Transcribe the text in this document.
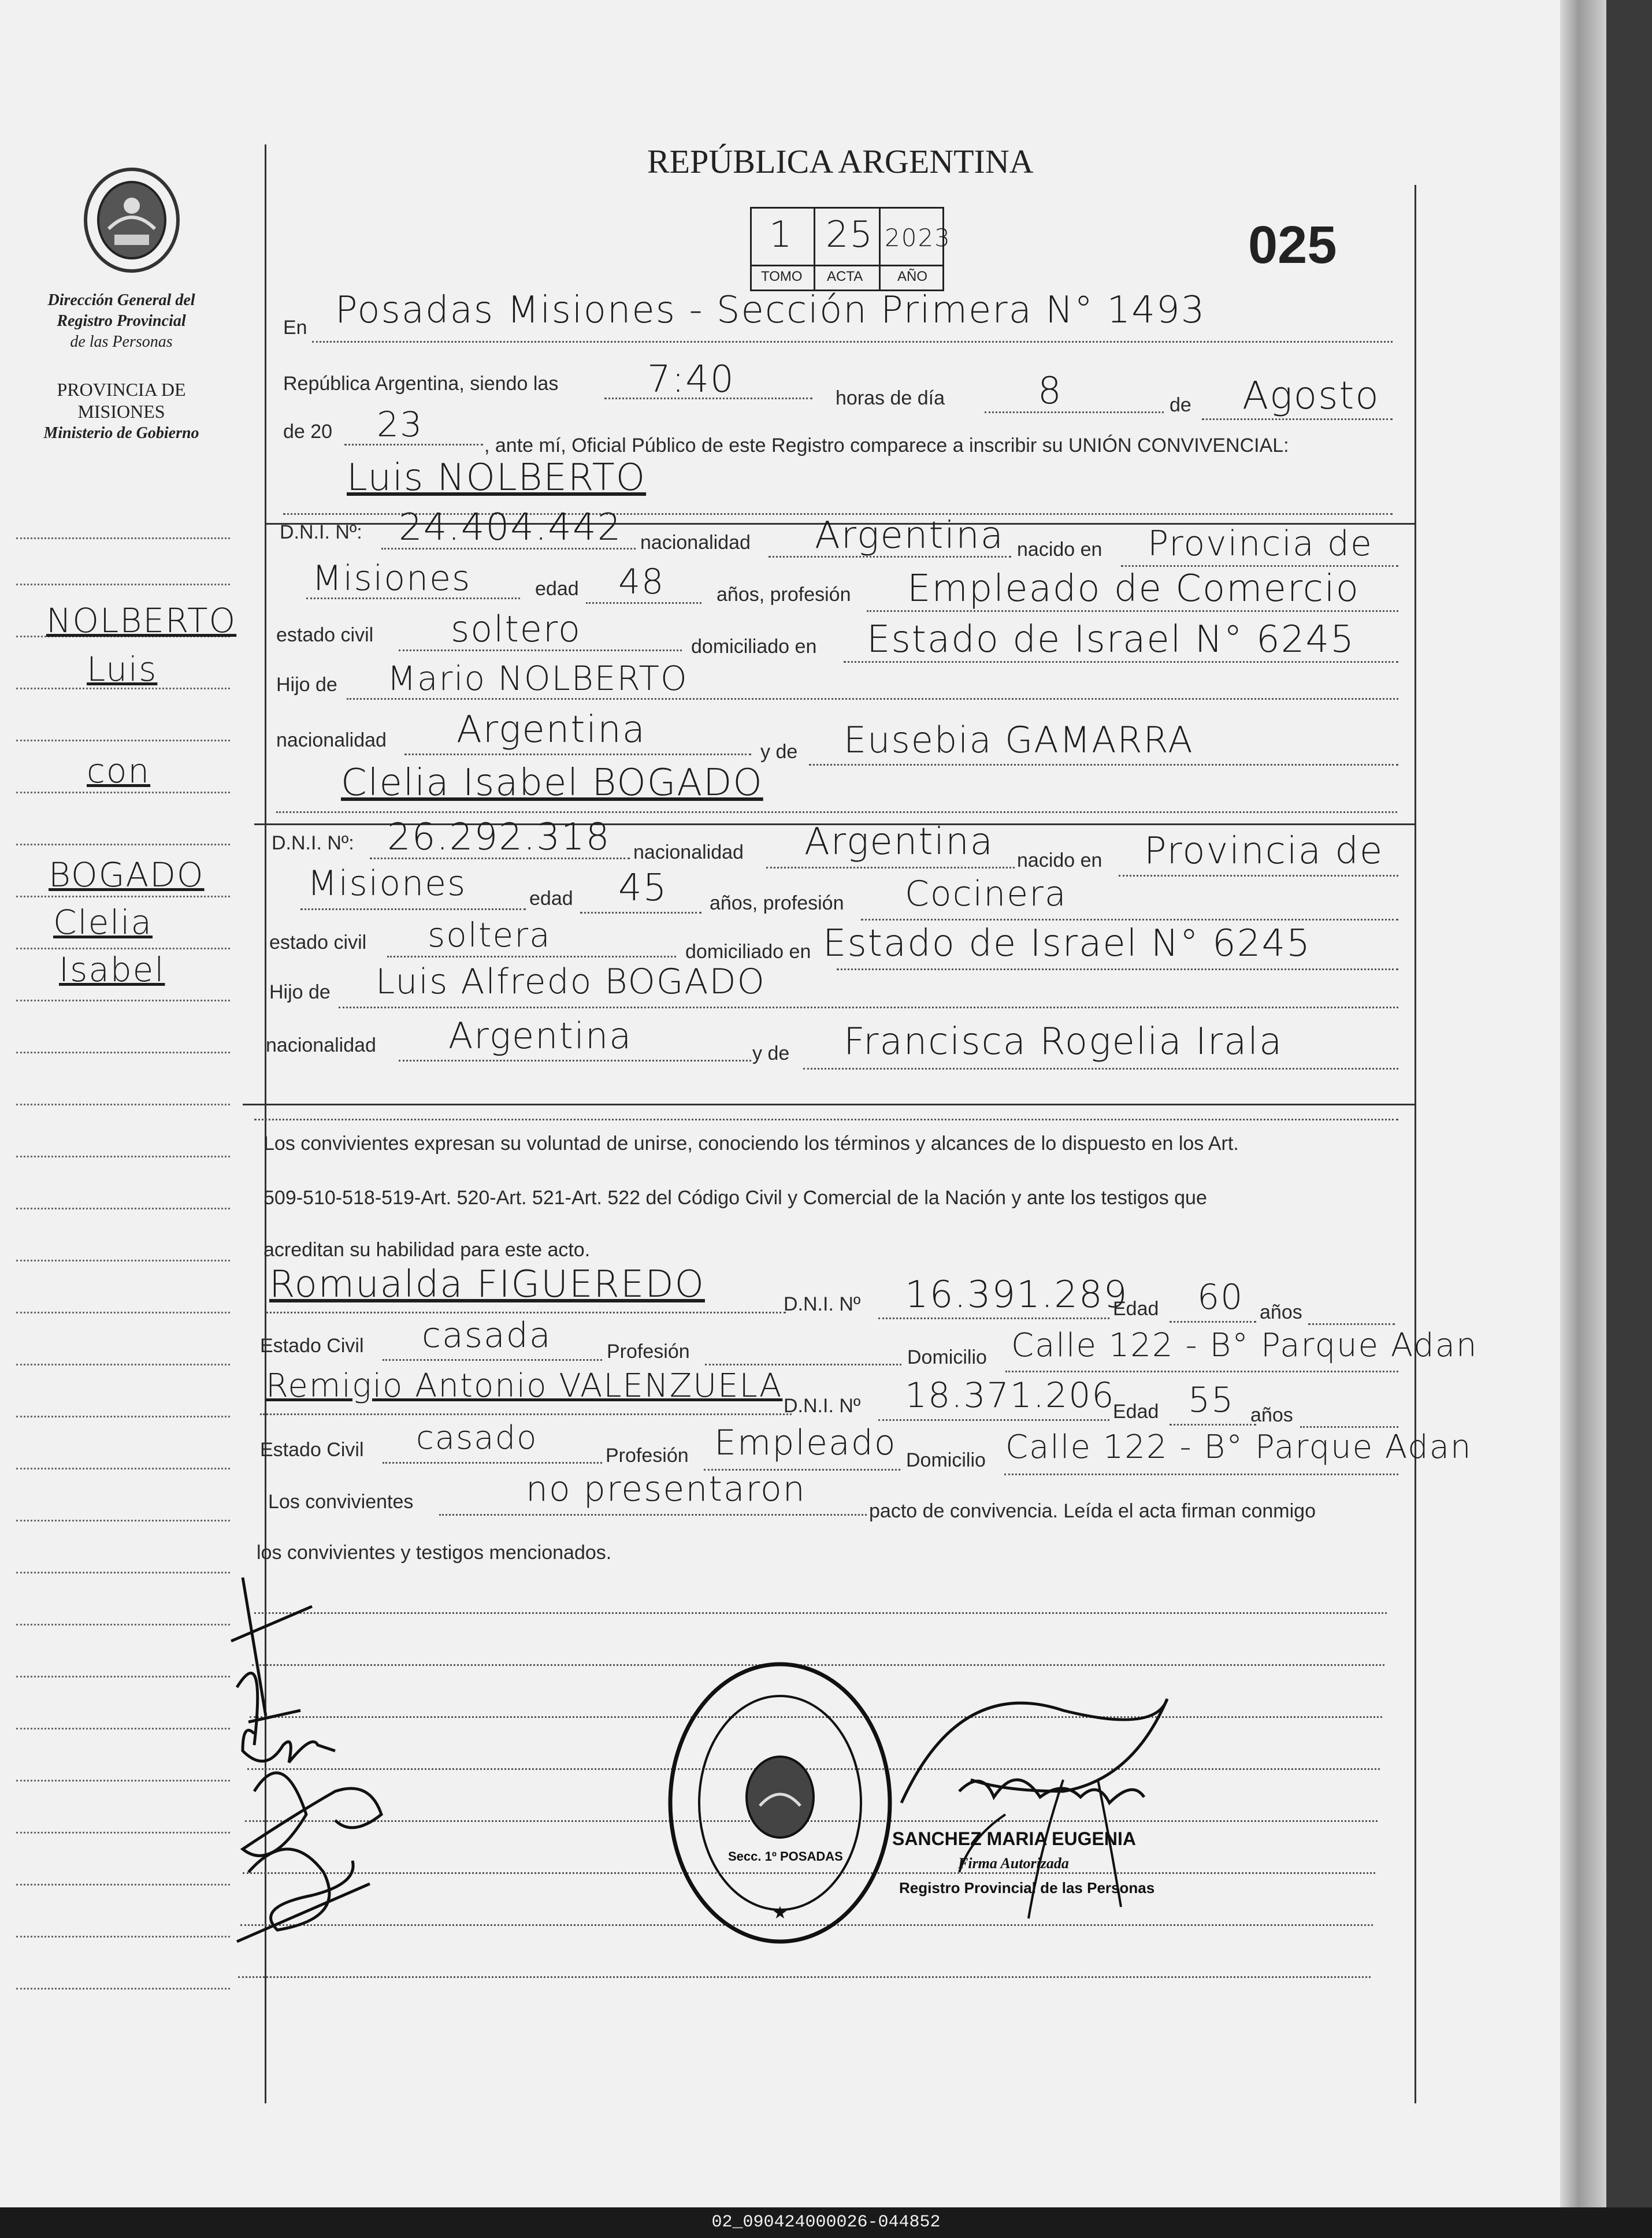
REPÚBLICA ARGENTINA
1 25 2023
TOMO ACTA AÑO
025
Dirección General del
Registro Provincial
de las Personas
PROVINCIA DE
MISIONES
Ministerio de Gobierno
NOLBERTO
Luis
con
BOGADO
Clelia
Isabel
En Posadas Misiones - Sección Primera N° 1493
República Argentina, siendo las 7:40	horas de día	8	de Agosto
de 20 23
, ante mí, Oficial Público de este Registro comparece a inscribir su UNIÓN CONVIVENCIAL:
Luis NOLBERTO
D.N.I. Nº: 24.404.442 nacionalidad Argentina nacido en Provincia de
Misiones	edad 48	años, profesión Empleado de Comercio
estado civil soltero	domiciliado en Estado de Israel N° 6245
Hijo de Mario NOLBERTO
nacionalidad Argentina
y de Eusebia GAMARRA
Clelia Isabel BOGADO
D.N.I. Nº: 26.292.318 nacionalidad Argentina nacido en Provincia de
Misiones	edad 45 años, profesión Cocinera
estado civil soltera	domiciliado en Estado de Israel N° 6245
Hijo de Luis Alfredo BOGADO
nacionalidad Argentina	y de Francisca Rogelia Irala
Los convivientes expresan su voluntad de unirse, conociendo los términos y alcances de lo dispuesto en los Art.
509-510-518-519-Art. 520-Art. 521-Art. 522 del Código Civil y Comercial de la Nación y ante los testigos que
acreditan su habilidad para este acto.
Romualda FIGUEREDO	D.N.I. Nº 16.391.289
Edad 60 años
Estado Civil casada	Profesión	Domicilio Calle 122 - B° Parque Adan
Remigio Antonio VALENZUELA
D.N.I. Nº 18.371.206
Edad 55 años
Estado Civil casado	Profesión Empleado Domicilio Calle 122 - B° Parque Adan
Los convivientes	no presentaron
pacto de convivencia. Leída el acta firman conmigo
los convivientes y testigos mencionados.
★
Secc. 1º POSADAS
SANCHEZ MARIA EUGENIA
Firma Autorizada
Registro Provincial de las Personas
02_090424000026-044852
